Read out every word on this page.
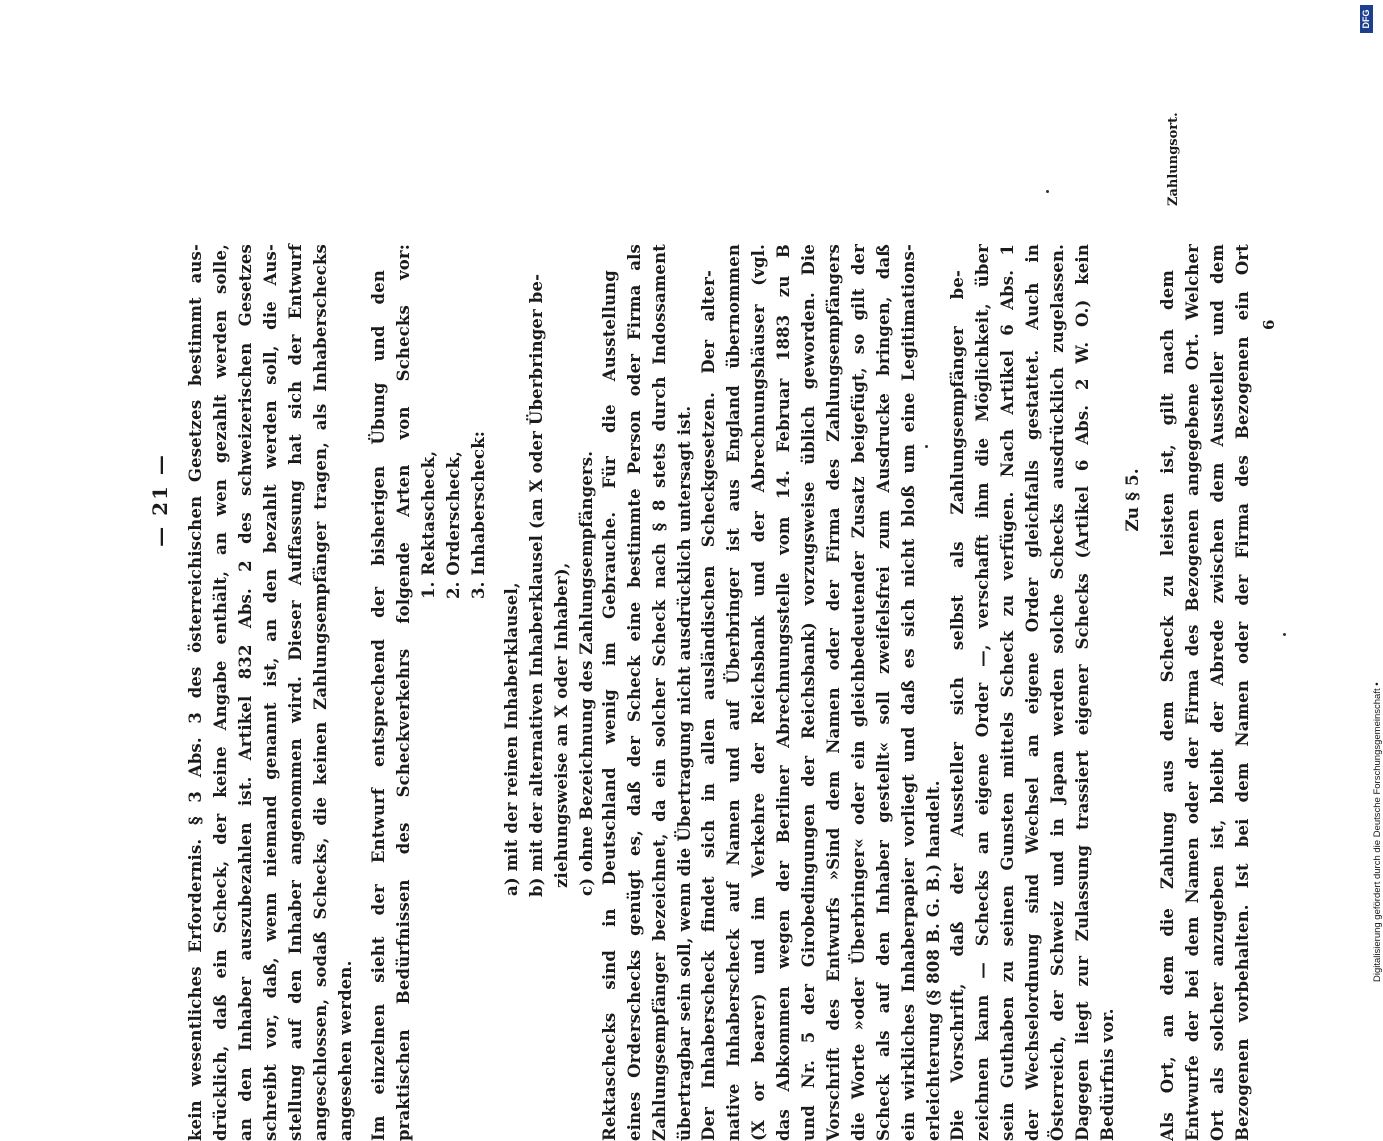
— 21 — kein wesentliches Erfordernis. § 3 Abs. 3 des österreichischen Gesetzes bestimmt aus- drücklich, daß ein Scheck, der keine Angabe enthält, an wen gezahlt werden solle, an den Inhaber auszubezahlen ist. Artikel 832 Abs. 2 des schweizerischen Gesetzes schreibt vor, daß, wenn niemand genannt ist, an den bezahlt werden soll, die Aus- stellung auf den Inhaber angenommen wird. Dieser Auffassung hat sich der Entwurf angeschlossen, sodaß Schecks, die keinen Zahlungsempfänger tragen, als Inhaberschecks angesehen werden. Im einzelnen sieht der Entwurf entsprechend der bisherigen Übung und den praktischen Bedürfnissen des Scheckverkehrs folgende Arten von Schecks vor: 1. Rektascheck, 2. Orderscheck, 3. Inhaberscheck:
a) mit der reinen Inhaberklausel, b) mit der alternativen Inhaberklausel (an X oder Überbringer be- ziehungsweise an X oder Inhaber), c) ohne Bezeichnung des Zahlungsempfängers. Rektaschecks sind in Deutschland wenig im Gebrauche. Für die Ausstellung eines Orderschecks genügt es, daß der Scheck eine bestimmte Person oder Firma als Zahlungsempfänger bezeichnet, da ein solcher Scheck nach § 8 stets durch Indossament übertragbar sein soll, wenn die Übertragung nicht ausdrücklich untersagt ist. Der Inhaberscheck findet sich in allen ausländischen Scheckgesetzen. Der alter- native Inhaberscheck auf Namen und auf Überbringer ist aus England übernommen (X or bearer) und im Verkehre der Reichsbank und der Abrechnungshäuser (vgl. das Abkommen wegen der Berliner Abrechnungsstelle vom 14. Februar 1883 zu B und Nr. 5 der Girobedingungen der Reichsbank) vorzugsweise üblich geworden. Die Vorschrift des Entwurfs »Sind dem Namen oder der Firma des Zahlungsempfängers die Worte »oder Überbringer« oder ein gleichbedeutender Zusatz beigefügt, so gilt der Scheck als auf den Inhaber gestellt« soll zweifelsfrei zum Ausdrucke bringen, daß ein wirkliches Inhaberpapier vorliegt und daß es sich nicht bloß um eine Legitimations- erleichterung (§ 808 B. G. B.) handelt. Die Vorschrift, daß der Aussteller sich selbst als Zahlungsempfänger be- zeichnen kann — Schecks an eigene Order —, verschafft ihm die Möglichkeit, über sein Guthaben zu seinen Gunsten mittels Scheck zu verfügen. Nach Artikel 6 Abs. 1 der Wechselordnung sind Wechsel an eigene Order gleichfalls gestattet. Auch in Österreich, der Schweiz und in Japan werden solche Schecks ausdrücklich zugelassen. Dagegen liegt zur Zulassung trassiert eigener Schecks (Artikel 6 Abs. 2 W. O.) kein Bedürfnis vor. Als Ort, an dem die Zahlung aus dem Scheck zu leisten ist, gilt nach dem Entwurfe der bei dem Namen oder der Firma des Bezogenen angegebene Ort. Welcher Ort als solcher anzugeben ist, bleibt der Abrede zwischen dem Aussteller und dem Bezogenen vorbehalten. Ist bei dem Namen oder der Firma des Bezogenen ein Ort
Zu § 5.
Zahlungsort.
6
Digitalisierung gefördert durch die Deutsche Forschungsgemeinschaft •
DFG
